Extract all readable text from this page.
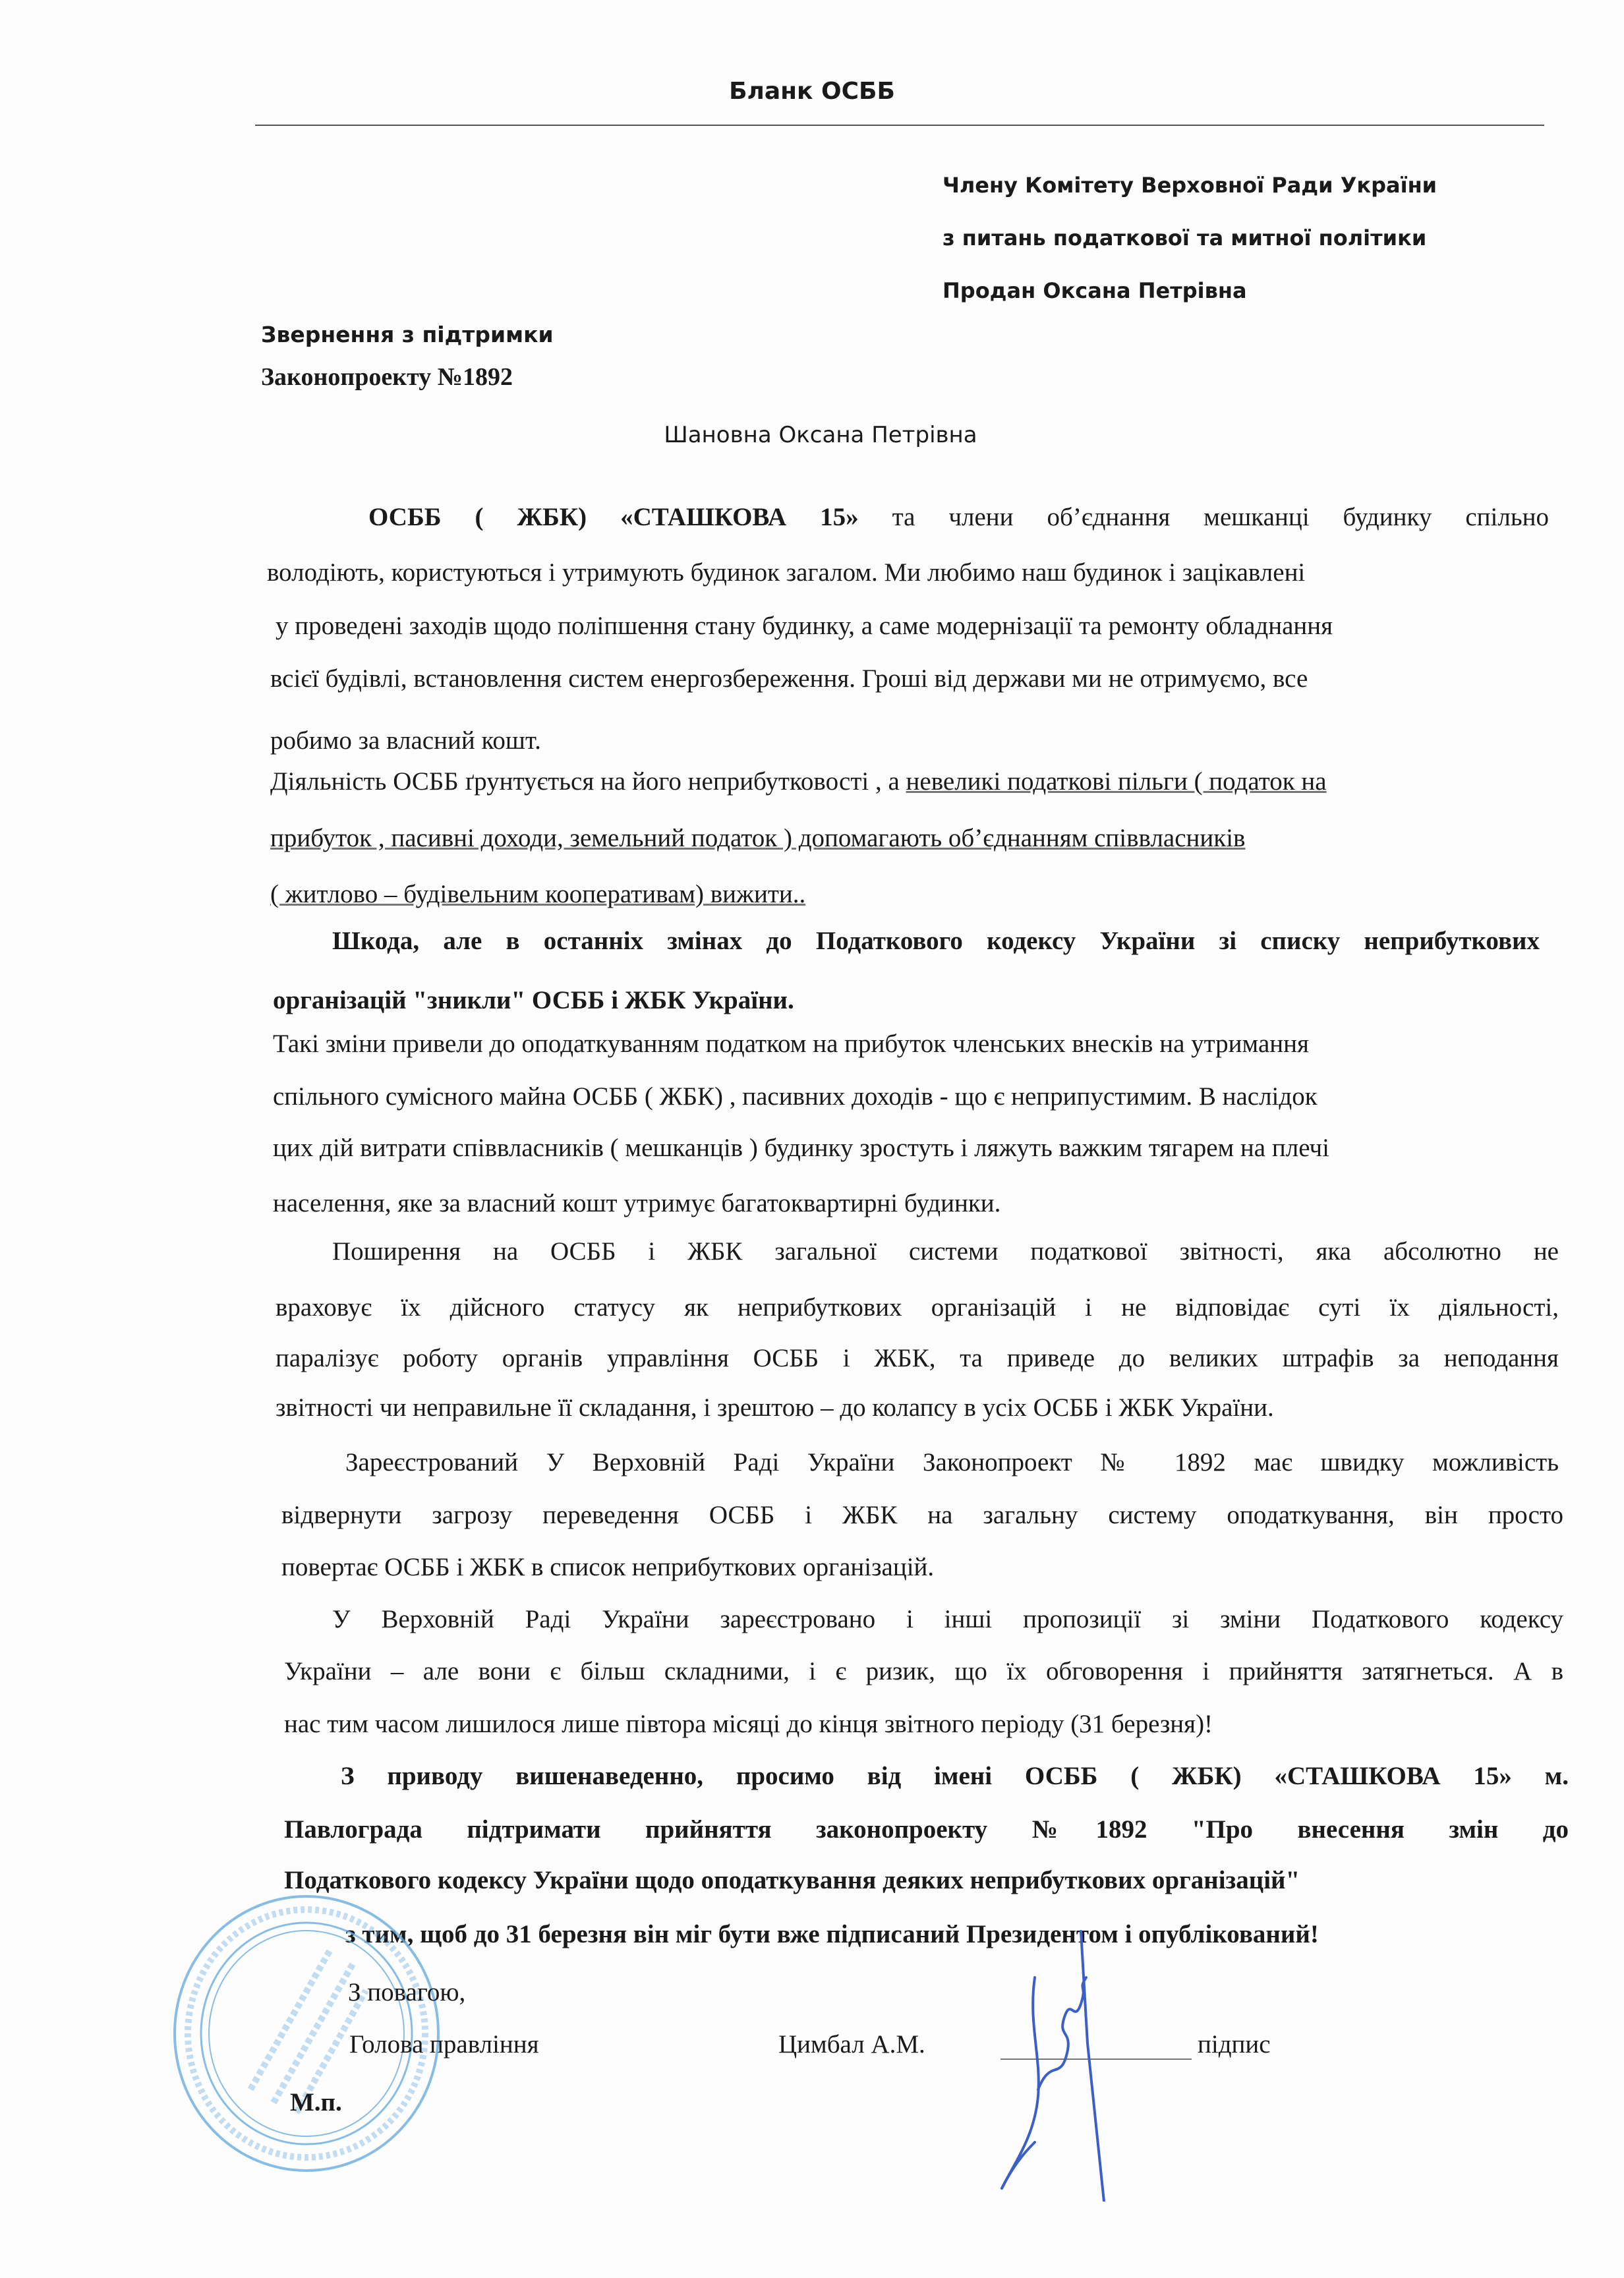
Бланк ОСББ
Члену Комітету Верховної Ради України
з питань податкової та митної політики
Продан Оксана Петрівна
Звернення з підтримки
Законопроекту №1892
Шановна Оксана Петрівна
ОСББ ( ЖБК) «СТАШКОВА 15» та члени об’єднання мешканці будинку спільно
володіють, користуються і утримують будинок загалом. Ми любимо наш будинок і зацікавлені
у проведені заходів щодо поліпшення стану будинку, а саме модернізації та ремонту обладнання
всієї будівлі, встановлення систем енергозбереження. Гроші від держави ми не отримуємо, все
робимо за власний кошт.
Діяльність ОСББ ґрунтується на його неприбутковості , а невеликі податкові пільги ( податок на
прибуток , пасивні доходи, земельний податок ) допомагають об’єднанням співвласників
( житлово – будівельним кооперативам) вижити..
Шкода, але в останніх змінах до Податкового кодексу України зі списку неприбуткових
організацій "зникли" ОСББ і ЖБК України.
Такі зміни привели до оподаткуванням податком на прибуток членських внесків на утримання
спільного сумісного майна ОСББ ( ЖБК) , пасивних доходів - що є неприпустимим. В наслідок
цих дій витрати співвласників ( мешканців ) будинку зростуть і ляжуть важким тягарем на плечі
населення, яке за власний кошт утримує багатоквартирні будинки.
Поширення на ОСББ і ЖБК загальної системи податкової звітності, яка абсолютно не
враховує їх дійсного статусу як неприбуткових організацій і не відповідає суті їх діяльності,
паралізує роботу органів управління ОСББ і ЖБК, та приведе до великих штрафів за неподання
звітності чи неправильне її складання, і зрештою – до колапсу в усіх ОСББ і ЖБК України.
Зареєстрований У Верховній Раді України Законопроект № 1892 має швидку можливість
відвернути загрозу переведення ОСББ і ЖБК на загальну систему оподаткування, він просто
повертає ОСББ і ЖБК в список неприбуткових організацій.
У Верховній Раді України зареєстровано і інші пропозиції зі зміни Податкового кодексу
України – але вони є більш складними, і є ризик, що їх обговорення і прийняття затягнеться. А в
нас тим часом лишилося лише півтора місяці до кінця звітного періоду (31 березня)!
З приводу вишенаведенно, просимо від імені ОСББ ( ЖБК) «СТАШКОВА 15» м.
Павлограда підтримати прийняття законопроекту №1892 "Про внесення змін до
Податкового кодексу України щодо оподаткування деяких неприбуткових організацій"
з тим, щоб до 31 березня він міг бути вже підписаний Президентом і опублікований!
З повагою,
Голова правління	Цимбал А.М.	підпис
М.п.
